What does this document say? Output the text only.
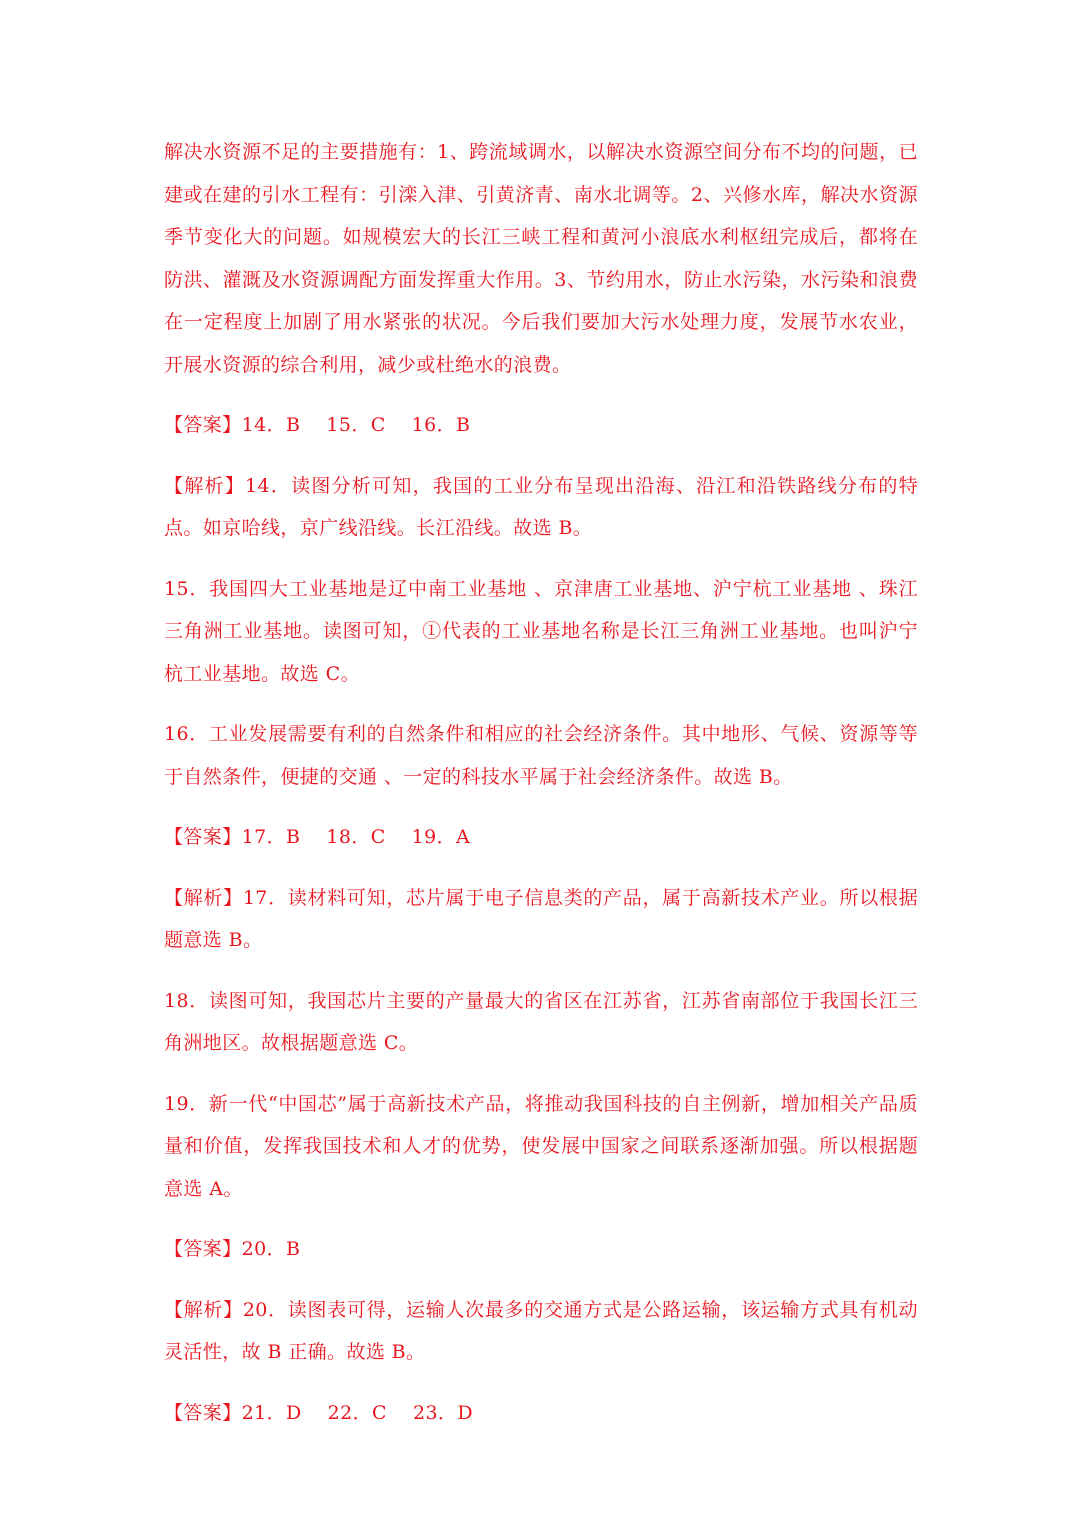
解决水资源不足的主要措施有：1、跨流域调水，以解决水资源空间分布不均的问题，已建或在建的引水工程有：引滦入津、引黄济青、南水北调等。2、兴修水库，解决水资源季节变化大的问题。如规模宏大的长江三峡工程和黄河小浪底水利枢纽完成后，都将在防洪、灌溉及水资源调配方面发挥重大作用。3、节约用水，防止水污染，水污染和浪费在一定程度上加剧了用水紧张的状况。今后我们要加大污水处理力度，发展节水农业，开展水资源的综合利用，减少或杜绝水的浪费。

【答案】14．B 15．C 16．B

【解析】14．读图分析可知，我国的工业分布呈现出沿海、沿江和沿铁路线分布的特点。如京哈线，京广线沿线。长江沿线。故选 B。

15．我国四大工业基地是辽中南工业基地 、京津唐工业基地、沪宁杭工业基地 、珠江三角洲工业基地。读图可知，①代表的工业基地名称是长江三角洲工业基地。也叫沪宁杭工业基地。故选 C。

16．工业发展需要有利的自然条件和相应的社会经济条件。其中地形、气候、资源等等于自然条件，便捷的交通 、一定的科技水平属于社会经济条件。故选 B。

【答案】17．B 18．C 19．A

【解析】17．读材料可知，芯片属于电子信息类的产品，属于高新技术产业。所以根据题意选 B。

18．读图可知，我国芯片主要的产量最大的省区在江苏省，江苏省南部位于我国长江三角洲地区。故根据题意选 C。

19．新一代“中国芯”属于高新技术产品，将推动我国科技的自主例新，增加相关产品质量和价值，发挥我国技术和人才的优势，使发展中国家之间联系逐渐加强。所以根据题意选 A。

【答案】20．B

【解析】20．读图表可得，运输人次最多的交通方式是公路运输，该运输方式具有机动灵活性，故 B 正确。故选 B。

【答案】21．D 22．C 23．D
